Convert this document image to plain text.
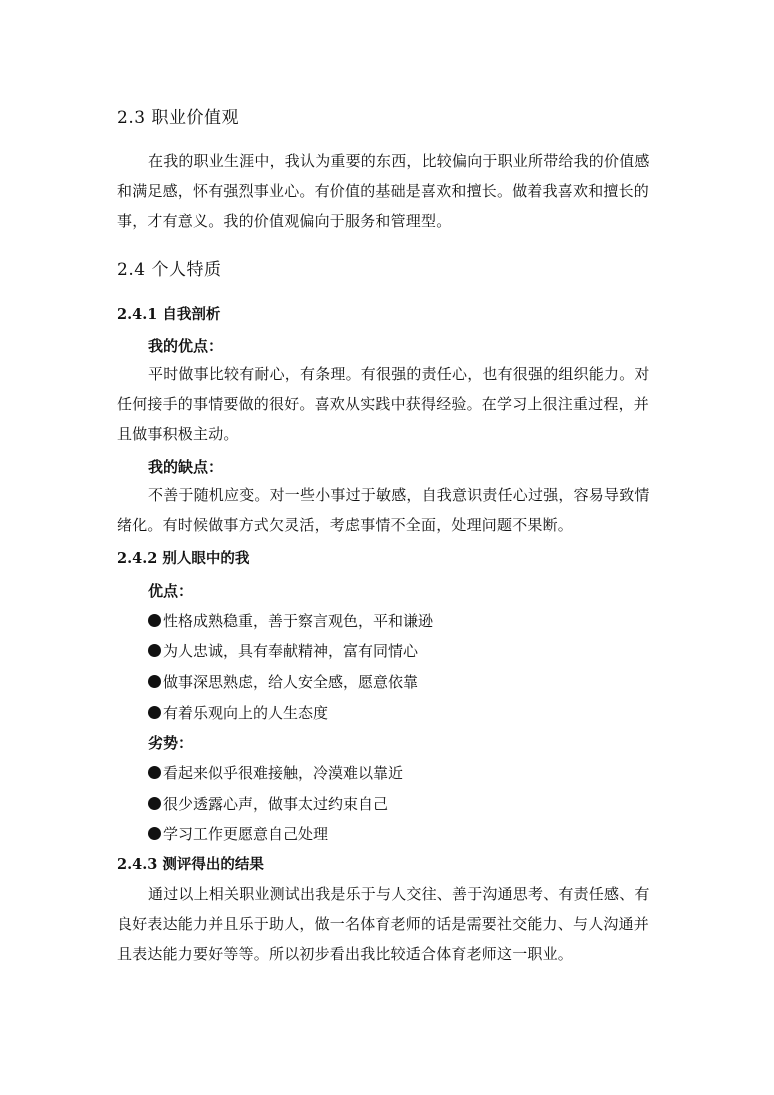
2.3 职业价值观
在我的职业生涯中，我认为重要的东西，比较偏向于职业所带给我的价值感和满足感，怀有强烈事业心。有价值的基础是喜欢和擅长。做着我喜欢和擅长的事，才有意义。我的价值观偏向于服务和管理型。
2.4 个人特质
2.4.1 自我剖析
我的优点：
平时做事比较有耐心，有条理。有很强的责任心，也有很强的组织能力。对任何接手的事情要做的很好。喜欢从实践中获得经验。在学习上很注重过程，并且做事积极主动。
我的缺点：
不善于随机应变。对一些小事过于敏感，自我意识责任心过强，容易导致情绪化。有时候做事方式欠灵活，考虑事情不全面，处理问题不果断。
2.4.2 别人眼中的我
优点：
性格成熟稳重，善于察言观色，平和谦逊
为人忠诚，具有奉献精神，富有同情心
做事深思熟虑，给人安全感，愿意依靠
有着乐观向上的人生态度
劣势：
看起来似乎很难接触，冷漠难以靠近
很少透露心声，做事太过约束自己
学习工作更愿意自己处理
2.4.3 测评得出的结果
通过以上相关职业测试出我是乐于与人交往、善于沟通思考、有责任感、有良好表达能力并且乐于助人，做一名体育老师的话是需要社交能力、与人沟通并且表达能力要好等等。所以初步看出我比较适合体育老师这一职业。
